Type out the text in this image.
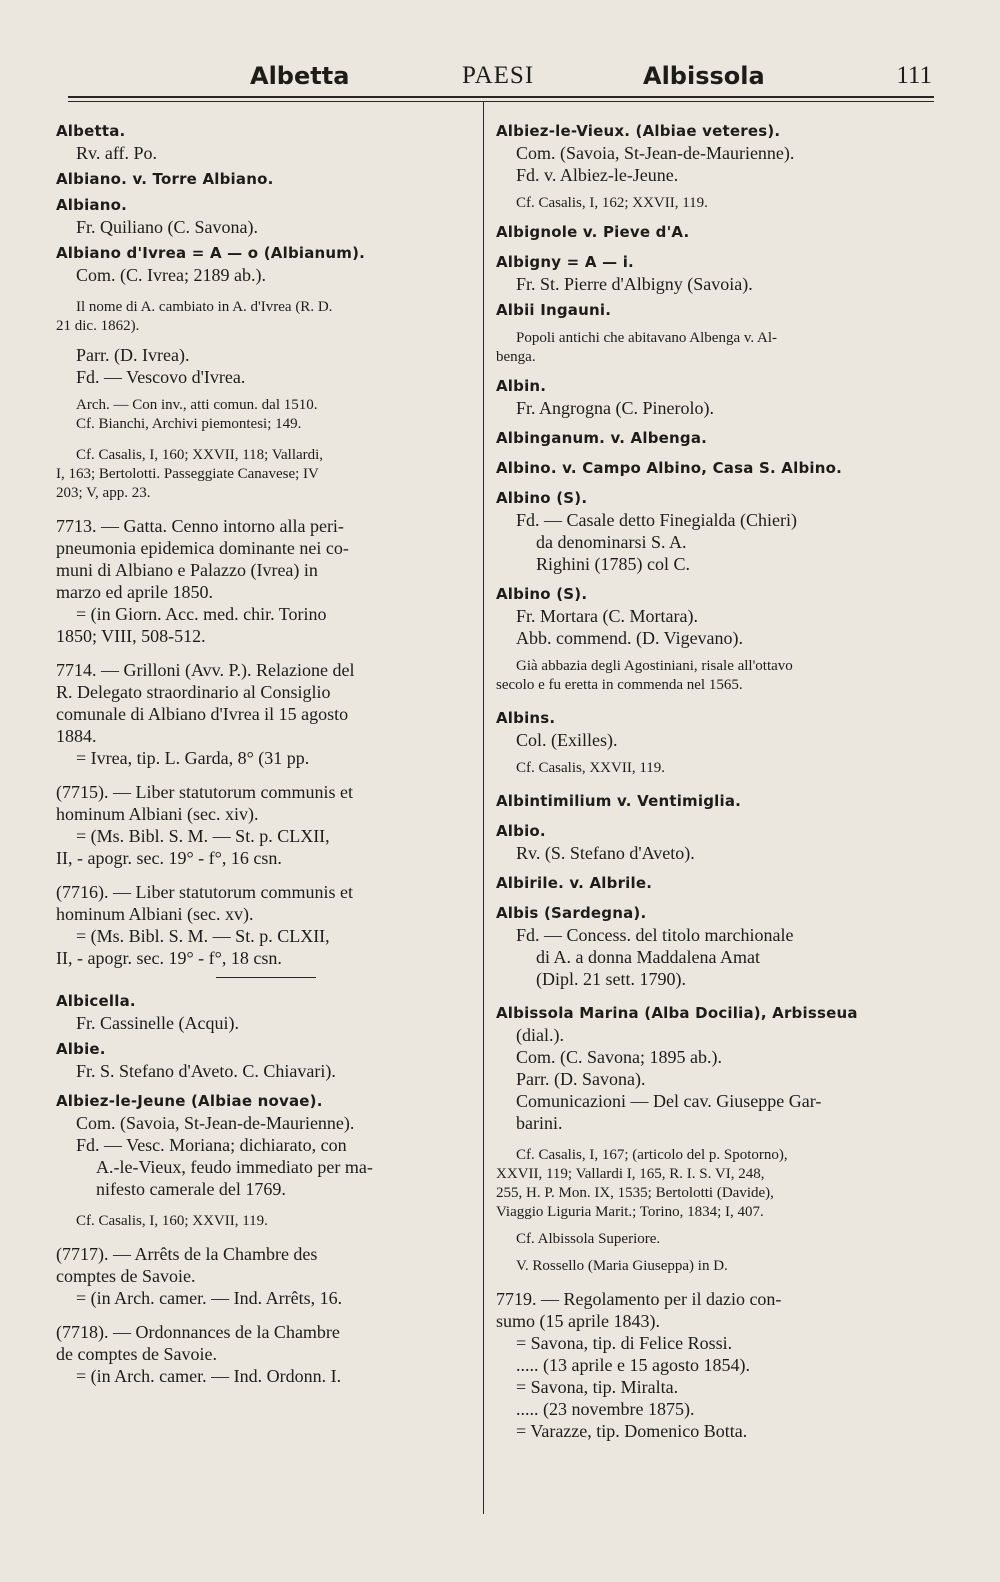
Albetta	PAESI	Albissola	111
Albetta.
Rv. aff. Po.
Albiano. v. Torre Albiano.
Albiano.
Fr. Quiliano (C. Savona).
Albiano d'Ivrea = A — o (Albianum).
Com. (C. Ivrea; 2189 ab.).
Il nome di A. cambiato in A. d'Ivrea (R. D.
21 dic. 1862).
Parr. (D. Ivrea).
Fd. — Vescovo d'Ivrea.
Arch. — Con inv., atti comun. dal 1510.
Cf. Bianchi, Archivi piemontesi; 149.
Cf. Casalis, I, 160; XXVII, 118; Vallardi,
I, 163; Bertolotti. Passeggiate Canavese; IV
203; V, app. 23.
7713. — Gatta. Cenno intorno alla peri-
pneumonia epidemica dominante nei co-
muni di Albiano e Palazzo (Ivrea) in
marzo ed aprile 1850.
= (in Giorn. Acc. med. chir. Torino
1850; VIII, 508-512.
7714. — Grilloni (Avv. P.). Relazione del
R. Delegato straordinario al Consiglio
comunale di Albiano d'Ivrea il 15 agosto
1884.
= Ivrea, tip. L. Garda, 8° (31 pp.
(7715). — Liber statutorum communis et
hominum Albiani (sec. xiv).
= (Ms. Bibl. S. M. — St. p. CLXII,
II, - apogr. sec. 19° - f°, 16 csn.
(7716). — Liber statutorum communis et
hominum Albiani (sec. xv).
= (Ms. Bibl. S. M. — St. p. CLXII,
II, - apogr. sec. 19° - f°, 18 csn.
Albicella.
Fr. Cassinelle (Acqui).
Albie.
Fr. S. Stefano d'Aveto. C. Chiavari).
Albiez-le-Jeune (Albiae novae).
Com. (Savoia, St-Jean-de-Maurienne).
Fd. — Vesc. Moriana; dichiarato, con
A.-le-Vieux, feudo immediato per ma-
nifesto camerale del 1769.
Cf. Casalis, I, 160; XXVII, 119.
(7717). — Arrêts de la Chambre des
comptes de Savoie.
= (in Arch. camer. — Ind. Arrêts, 16.
(7718). — Ordonnances de la Chambre
de comptes de Savoie.
= (in Arch. camer. — Ind. Ordonn. I.
Albiez-le-Vieux. (Albiae veteres).
Com. (Savoia, St-Jean-de-Maurienne).
Fd. v. Albiez-le-Jeune.
Cf. Casalis, I, 162; XXVII, 119.
Albignole v. Pieve d'A.
Albigny = A — i.
Fr. St. Pierre d'Albigny (Savoia).
Albii Ingauni.
Popoli antichi che abitavano Albenga v. Al-
benga.
Albin.
Fr. Angrogna (C. Pinerolo).
Albinganum. v. Albenga.
Albino. v. Campo Albino, Casa S. Albino.
Albino (S).
Fd. — Casale detto Finegialda (Chieri)
da denominarsi S. A.
Righini (1785) col C.
Albino (S).
Fr. Mortara (C. Mortara).
Abb. commend. (D. Vigevano).
Già abbazia degli Agostiniani, risale all'ottavo
secolo e fu eretta in commenda nel 1565.
Albins.
Col. (Exilles).
Cf. Casalis, XXVII, 119.
Albintimilium v. Ventimiglia.
Albio.
Rv. (S. Stefano d'Aveto).
Albirile. v. Albrile.
Albis (Sardegna).
Fd. — Concess. del titolo marchionale
di A. a donna Maddalena Amat
(Dipl. 21 sett. 1790).
Albissola Marina (Alba Docilia), Arbisseua
(dial.).
Com. (C. Savona; 1895 ab.).
Parr. (D. Savona).
Comunicazioni — Del cav. Giuseppe Gar-
barini.
Cf. Casalis, I, 167; (articolo del p. Spotorno),
XXVII, 119; Vallardi I, 165, R. I. S. VI, 248,
255, H. P. Mon. IX, 1535; Bertolotti (Davide),
Viaggio Liguria Marit.; Torino, 1834; I, 407.
Cf. Albissola Superiore.
V. Rossello (Maria Giuseppa) in D.
7719. — Regolamento per il dazio con-
sumo (15 aprile 1843).
= Savona, tip. di Felice Rossi.
..... (13 aprile e 15 agosto 1854).
= Savona, tip. Miraltа.
..... (23 novembre 1875).
= Varazze, tip. Domenico Botta.
